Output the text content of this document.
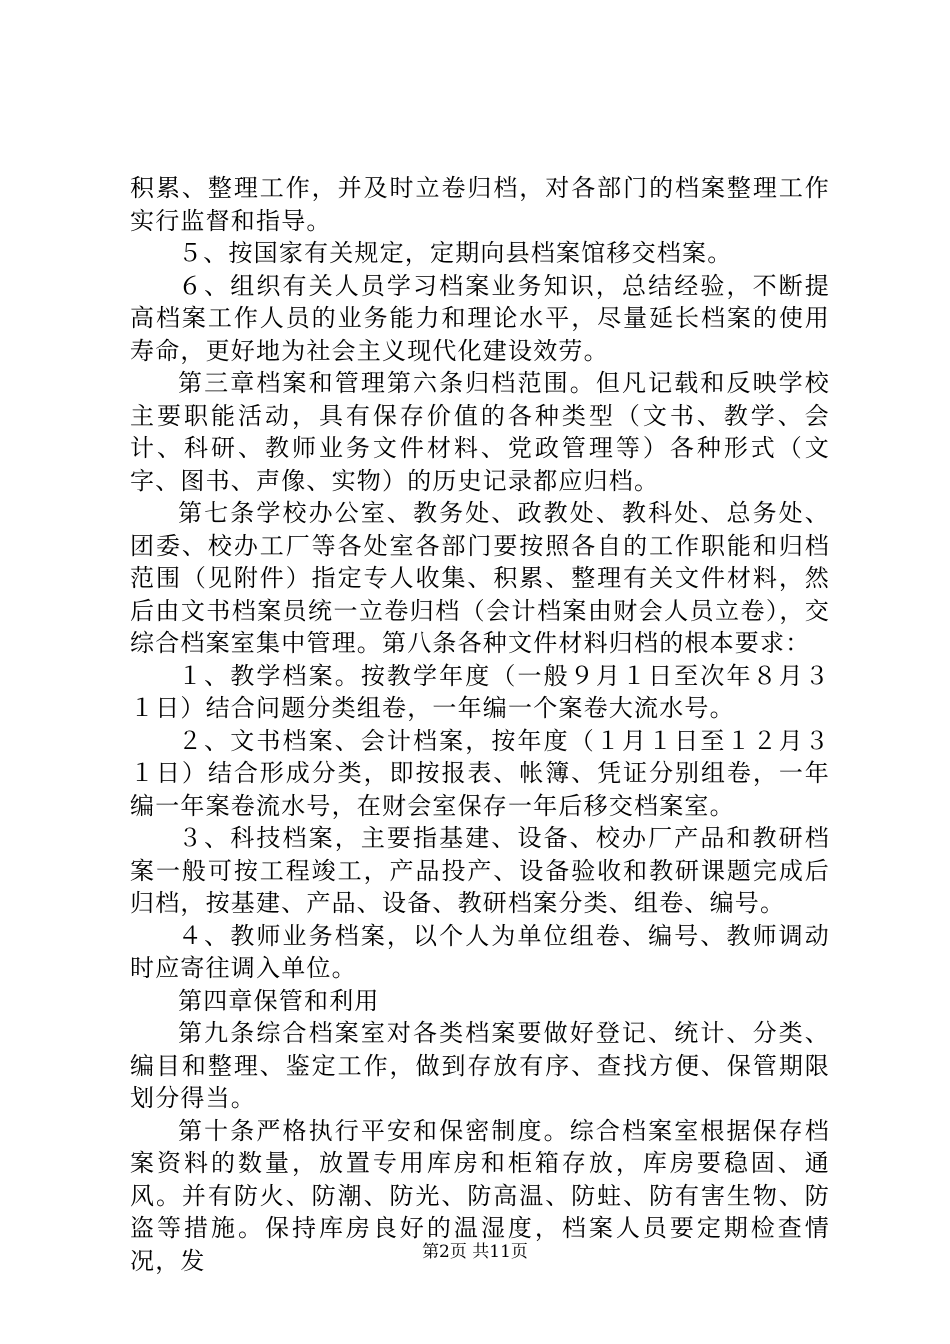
积累、整理工作，并及时立卷归档，对各部门的档案整理工作实行监督和指导。

５、按国家有关规定，定期向县档案馆移交档案。

６、组织有关人员学习档案业务知识，总结经验，不断提高档案工作人员的业务能力和理论水平，尽量延长档案的使用寿命，更好地为社会主义现代化建设效劳。

第三章档案和管理第六条归档范围。但凡记载和反映学校主要职能活动，具有保存价值的各种类型（文书、教学、会计、科研、教师业务文件材料、党政管理等）各种形式（文字、图书、声像、实物）的历史记录都应归档。

第七条学校办公室、教务处、政教处、教科处、总务处、团委、校办工厂等各处室各部门要按照各自的工作职能和归档范围（见附件）指定专人收集、积累、整理有关文件材料，然后由文书档案员统一立卷归档（会计档案由财会人员立卷），交综合档案室集中管理。第八条各种文件材料归档的根本要求：

１、教学档案。按教学年度（一般９月１日至次年８月３１日）结合问题分类组卷，一年编一个案卷大流水号。

２、文书档案、会计档案，按年度（１月１日至１２月３１日）结合形成分类，即按报表、帐簿、凭证分别组卷，一年编一年案卷流水号，在财会室保存一年后移交档案室。

３、科技档案，主要指基建、设备、校办厂产品和教研档案一般可按工程竣工，产品投产、设备验收和教研课题完成后归档，按基建、产品、设备、教研档案分类、组卷、编号。

４、教师业务档案，以个人为单位组卷、编号、教师调动时应寄往调入单位。

第四章保管和利用

第九条综合档案室对各类档案要做好登记、统计、分类、编目和整理、鉴定工作，做到存放有序、查找方便、保管期限划分得当。

第十条严格执行平安和保密制度。综合档案室根据保存档案资料的数量，放置专用库房和柜箱存放，库房要稳固、通风。并有防火、防潮、防光、防高温、防蛀、防有害生物、防盗等措施。保持库房良好的温湿度，档案人员要定期检查情况，发	第2页 共11页
